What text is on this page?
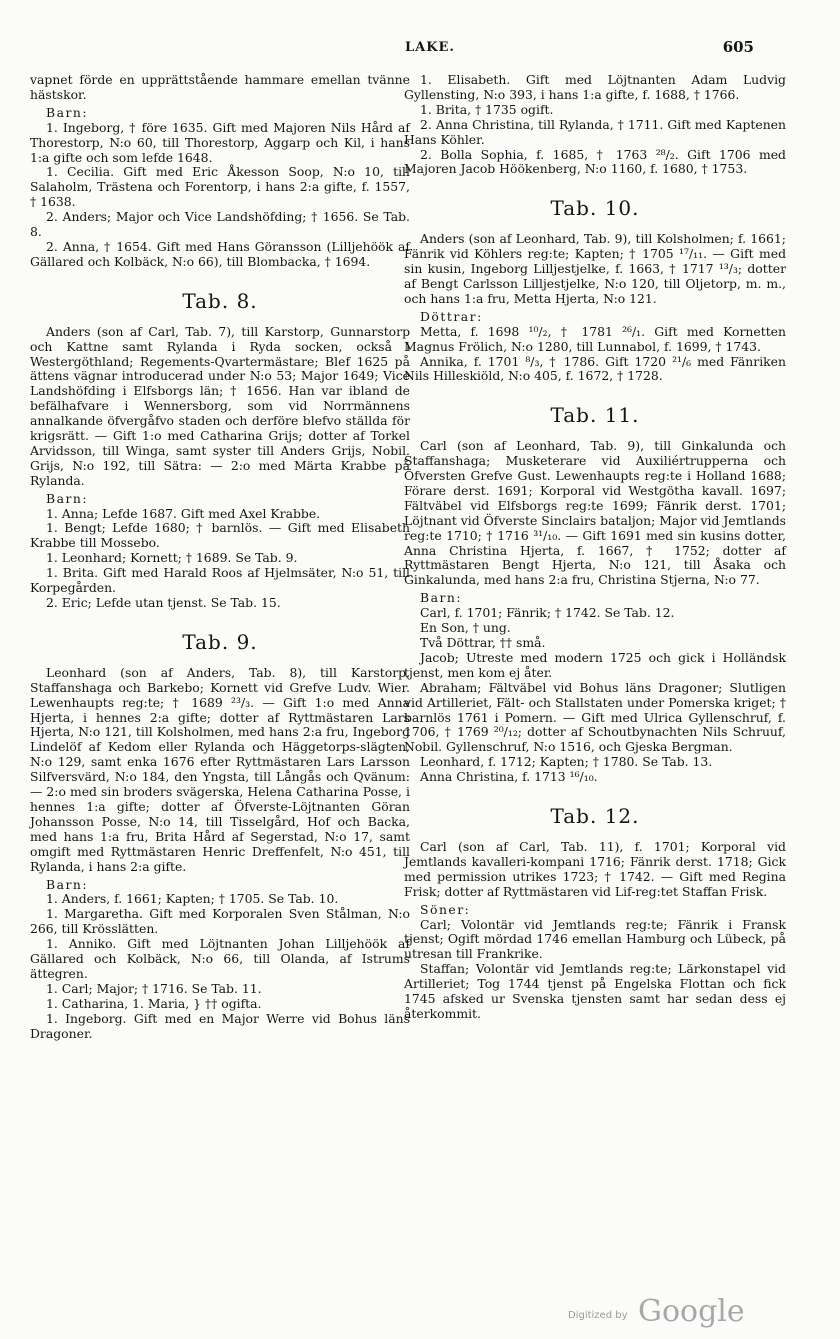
LAKE.	605

vapnet förde en upprättstående hammare emellan tvänne hästskor.

Barn:

1. Ingeborg, † före 1635. Gift med Majoren Nils Hård af Thorestorp, N:o 60, till Thorestorp, Aggarp och Kil, i hans 1:a gifte och som lefde 1648.

1. Cecilia. Gift med Eric Åkesson Soop, N:o 10, till Salaholm, Trästena och Forentorp, i hans 2:a gifte, f. 1557, † 1638.

2. Anders; Major och Vice Landshöfding; † 1656. Se Tab. 8.

2. Anna, † 1654. Gift med Hans Göransson (Lilljehöök af Gällared och Kolbäck, N:o 66), till Blombacka, † 1694.

Tab. 8.

Anders (son af Carl, Tab. 7), till Karstorp, Gunnarstorp och Kattne samt Rylanda i Ryda socken, också i Westergöthland; Regements-Qvartermästare; Blef 1625 på ättens vägnar introducerad under N:o 53; Major 1649; Vice Landshöfding i Elfsborgs län; † 1656. Han var ibland de befälhafvare i Wennersborg, som vid Norrmännens annalkande öfvergåfvo staden och derföre blefvo ställda för krigsrätt. — Gift 1:o med Catharina Grijs; dotter af Torkel Arvidsson, till Winga, samt syster till Anders Grijs, Nobil. Grijs, N:o 192, till Sätra: — 2:o med Märta Krabbe på Rylanda.

Barn:

1. Anna; Lefde 1687. Gift med Axel Krabbe.

1. Bengt; Lefde 1680; † barnlös. — Gift med Elisabeth Krabbe till Mossebo.

1. Leonhard; Kornett; † 1689. Se Tab. 9.

1. Brita. Gift med Harald Roos af Hjelmsäter, N:o 51, till Korpegården.

2. Eric; Lefde utan tjenst. Se Tab. 15.

Tab. 9.

Leonhard (son af Anders, Tab. 8), till Karstorp, Staffanshaga och Barkebo; Kornett vid Grefve Ludv. Wier. Lewenhaupts reg:te; † 1689 ²³/₃. — Gift 1:o med Anna Hjerta, i hennes 2:a gifte; dotter af Ryttmästaren Lars Hjerta, N:o 121, till Kolsholmen, med hans 2:a fru, Ingeborg Lindelöf af Kedom eller Rylanda och Häggetorps-slägten, N:o 129, samt enka 1676 efter Ryttmästaren Lars Larsson Silfversvärd, N:o 184, den Yngsta, till Långås och Qvänum: — 2:o med sin broders svägerska, Helena Catharina Posse, i hennes 1:a gifte; dotter af Öfverste-Löjtnanten Göran Johansson Posse, N:o 14, till Tisselgård, Hof och Backa, med hans 1:a fru, Brita Hård af Segerstad, N:o 17, samt omgift med Ryttmästaren Henric Dreffenfelt, N:o 451, till Rylanda, i hans 2:a gifte.

Barn:

1. Anders, f. 1661; Kapten; † 1705. Se Tab. 10.

1. Margaretha. Gift med Korporalen Sven Stålman, N:o 266, till Krösslätten.

1. Anniko. Gift med Löjtnanten Johan Lilljehöök af Gällared och Kolbäck, N:o 66, till Olanda, af Istrums ättegren.

1. Carl; Major; † 1716. Se Tab. 11.

1. Catharina, 1. Maria, } †† ogifta.

1. Ingeborg. Gift med en Major Werre vid Bohus läns Dragoner.

1. Elisabeth. Gift med Löjtnanten Adam Ludvig Gyllensting, N:o 393, i hans 1:a gifte, f. 1688, † 1766.

1. Brita, † 1735 ogift.

2. Anna Christina, till Rylanda, † 1711. Gift med Kaptenen Hans Köhler.

2. Bolla Sophia, f. 1685, † 1763 ²⁸/₂. Gift 1706 med Majoren Jacob Höökenberg, N:o 1160, f. 1680, † 1753.

Tab. 10.

Anders (son af Leonhard, Tab. 9), till Kolsholmen; f. 1661; Fänrik vid Köhlers reg:te; Kapten; † 1705 ¹⁷/₁₁. — Gift med sin kusin, Ingeborg Lilljestjelke, f. 1663, † 1717 ¹³/₃; dotter af Bengt Carlsson Lilljestjelke, N:o 120, till Oljetorp, m. m., och hans 1:a fru, Metta Hjerta, N:o 121.

Döttrar:

Metta, f. 1698 ¹⁰/₂, † 1781 ²⁶/₁. Gift med Kornetten Magnus Frölich, N:o 1280, till Lunnabol, f. 1699, † 1743.

Annika, f. 1701 ⁸/₃, † 1786. Gift 1720 ²¹/₆ med Fänriken Nils Hilleskiöld, N:o 405, f. 1672, † 1728.

Tab. 11.

Carl (son af Leonhard, Tab. 9), till Ginkalunda och Staffanshaga; Musketerare vid Auxiliértrupperna och Öfversten Grefve Gust. Lewenhaupts reg:te i Holland 1688; Förare derst. 1691; Korporal vid Westgötha kavall. 1697; Fältväbel vid Elfsborgs reg:te 1699; Fänrik derst. 1701; Löjtnant vid Öfverste Sinclairs bataljon; Major vid Jemtlands reg:te 1710; † 1716 ³¹/₁₀. — Gift 1691 med sin kusins dotter, Anna Christina Hjerta, f. 1667, † 1752; dotter af Ryttmästaren Bengt Hjerta, N:o 121, till Åsaka och Ginkalunda, med hans 2:a fru, Christina Stjerna, N:o 77.

Barn:

Carl, f. 1701; Fänrik; † 1742. Se Tab. 12.

En Son, † ung.

Två Döttrar, †† små.

Jacob; Utreste med modern 1725 och gick i Holländsk tjenst, men kom ej åter.

Abraham; Fältväbel vid Bohus läns Dragoner; Slutligen vid Artilleriet, Fält- och Stallstaten under Pomerska kriget; † barnlös 1761 i Pomern. — Gift med Ulrica Gyllenschruf, f. 1706, † 1769 ²⁰/₁₂; dotter af Schoutbynachten Nils Schruuf, Nobil. Gyllenschruf, N:o 1516, och Gjeska Bergman.

Leonhard, f. 1712; Kapten; † 1780. Se Tab. 13.

Anna Christina, f. 1713 ¹⁶/₁₀.

Tab. 12.

Carl (son af Carl, Tab. 11), f. 1701; Korporal vid Jemtlands kavalleri-kompani 1716; Fänrik derst. 1718; Gick med permission utrikes 1723; † 1742. — Gift med Regina Frisk; dotter af Ryttmästaren vid Lif-reg:tet Staffan Frisk.

Söner:

Carl; Volontär vid Jemtlands reg:te; Fänrik i Fransk tjenst; Ogift mördad 1746 emellan Hamburg och Lübeck, på utresan till Frankrike.

Staffan; Volontär vid Jemtlands reg:te; Lärkonstapel vid Artilleriet; Tog 1744 tjenst på Engelska Flottan och fick 1745 afsked ur Svenska tjensten samt har sedan dess ej återkommit.

Digitized by Google
